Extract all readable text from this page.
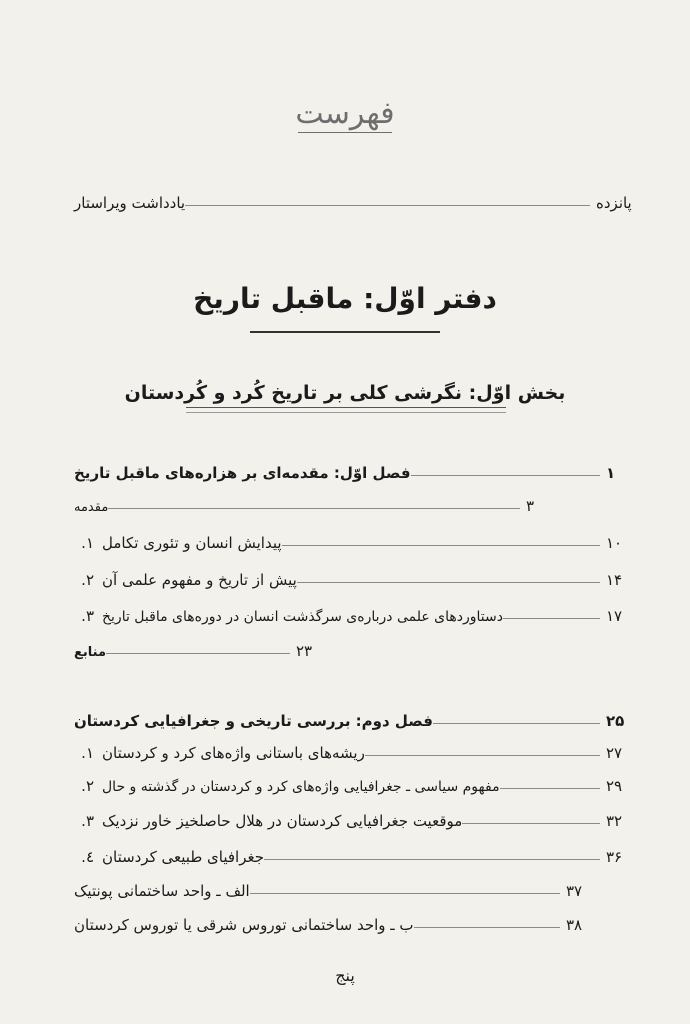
فهرست
یادداشت ویراستار	پانزده
دفتر اوّل: ماقبل تاریخ
بخش اوّل: نگرشی کلی بر تاریخ کُرد و کُردستان
فصل اوّل: مقدمه‌ای بر هزاره‌های ماقبل تاریخ	۱
مقدمه	۳
۱. پیدایش انسان و تئوری تکامل	۱۰
۲. پیش از تاریخ و مفهوم علمی آن	۱۴
۳. دستاوردهای علمی درباره‌ی سرگذشت انسان در دوره‌های ماقبل تاریخ	۱۷
منابع	۲۳
فصل دوم: بررسی تاریخی و جغرافیایی کردستان	۲۵
۱. ریشه‌های باستانی واژه‌های کرد و کردستان	۲۷
۲. مفهوم سیاسی ـ جغرافیایی واژه‌های کرد و کردستان در گذشته و حال	۲۹
۳. موقعیت جغرافیایی کردستان در هلال حاصلخیز خاور نزدیک	۳۲
٤. جغرافیای طبیعی کردستان	۳۶
الف ـ واحد ساختمانی پونتیک	۳۷
ب ـ واحد ساختمانی توروس شرقی یا توروس کردستان	۳۸
پنج
